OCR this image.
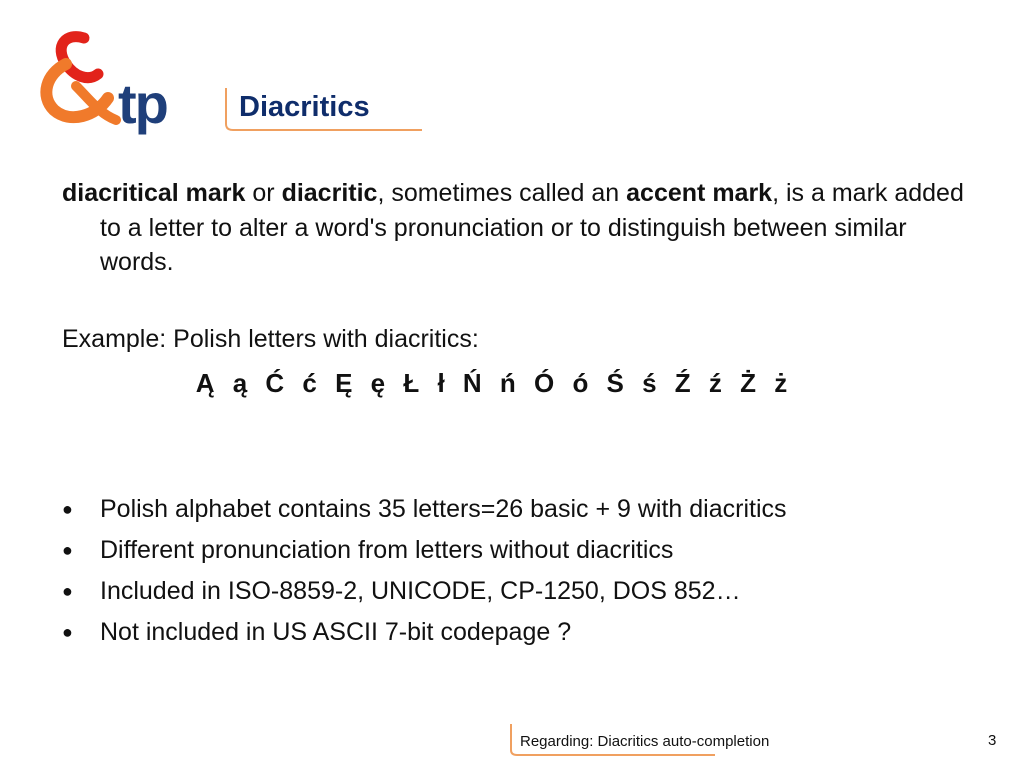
tp Diacritics
diacritical mark or diacritic, sometimes called an accent mark, is a mark added to a letter to alter a word's pronunciation or to distinguish between similar words.
Example: Polish letters with diacritics:
Ą ą Ć ć Ę ę Ł ł Ń ń Ó ó Ś ś Ź ź Ż ż
● Polish alphabet contains 35 letters=26 basic + 9 with diacritics
● Different pronunciation from letters without diacritics
● Included in ISO-8859-2, UNICODE, CP-1250, DOS 852…
● Not included in US ASCII 7-bit codepage ?
Regarding: Diacritics auto-completion	3
